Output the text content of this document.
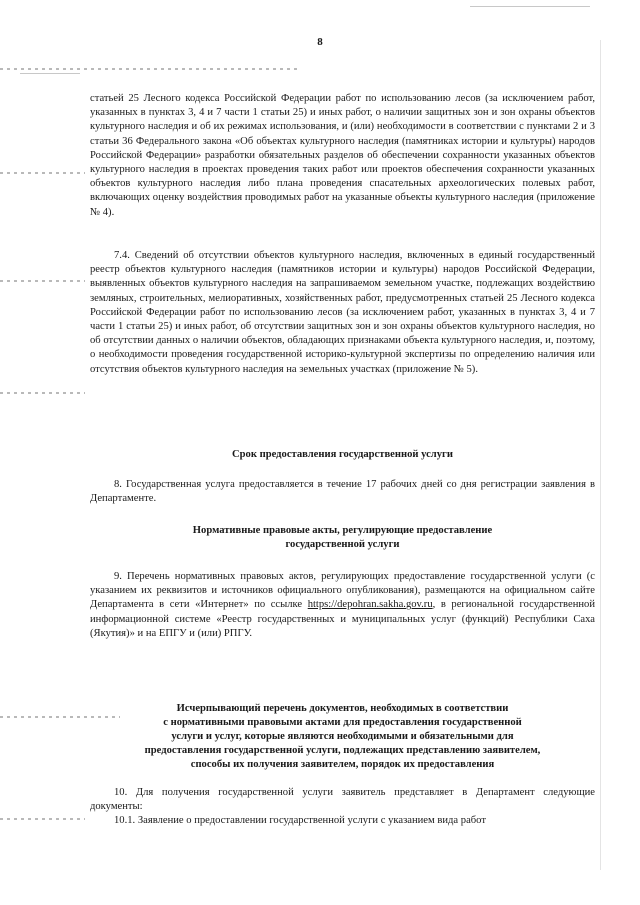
8

статьей 25 Лесного кодекса Российской Федерации работ по использованию лесов (за исключением работ, указанных в пунктах 3, 4 и 7 части 1 статьи 25) и иных работ, о наличии защитных зон и зон охраны объектов культурного наследия и об их режимах использования, и (или) необходимости в соответствии с пунктами 2 и 3 статьи 36 Федерального закона «Об объектах культурного наследия (памятниках истории и культуры) народов Российской Федерации» разработки обязательных разделов об обеспечении сохранности указанных объектов культурного наследия в проектах проведения таких работ или проектов обеспечения сохранности указанных объектов культурного наследия либо плана проведения спасательных археологических полевых работ, включающих оценку воздействия проводимых работ на указанные объекты культурного наследия (приложение № 4).

7.4. Сведений об отсутствии объектов культурного наследия, включенных в единый государственный реестр объектов культурного наследия (памятников истории и культуры) народов Российской Федерации, выявленных объектов культурного наследия на запрашиваемом земельном участке, подлежащих воздействию земляных, строительных, мелиоративных, хозяйственных работ, предусмотренных статьей 25 Лесного кодекса Российской Федерации работ по использованию лесов (за исключением работ, указанных в пунктах 3, 4 и 7 части 1 статьи 25) и иных работ, об отсутствии защитных зон и зон охраны объектов культурного наследия, но об отсутствии данных о наличии объектов, обладающих признаками объекта культурного наследия, и, поэтому, о необходимости проведения государственной историко-культурной экспертизы по определению наличия или отсутствия объектов культурного наследия на земельных участках (приложение № 5).

Срок предоставления государственной услуги

8. Государственная услуга предоставляется в течение 17 рабочих дней со дня регистрации заявления в Департаменте.

Нормативные правовые акты, регулирующие предоставление
государственной услуги

9. Перечень нормативных правовых актов, регулирующих предоставление государственной услуги (с указанием их реквизитов и источников официального опубликования), размещаются на официальном сайте Департамента в сети «Интернет» по ссылке https://depohran.sakha.gov.ru, в региональной государственной информационной системе «Реестр государственных и муниципальных услуг (функций) Республики Саха (Якутия)» и на ЕПГУ и (или) РПГУ.

Исчерпывающий перечень документов, необходимых в соответствии
с нормативными правовыми актами для предоставления государственной
услуги и услуг, которые являются необходимыми и обязательными для
предоставления государственной услуги, подлежащих представлению заявителем,
способы их получения заявителем, порядок их предоставления

10. Для получения государственной услуги заявитель представляет в Департамент следующие документы:

10.1. Заявление о предоставлении государственной услуги с указанием вида работ
